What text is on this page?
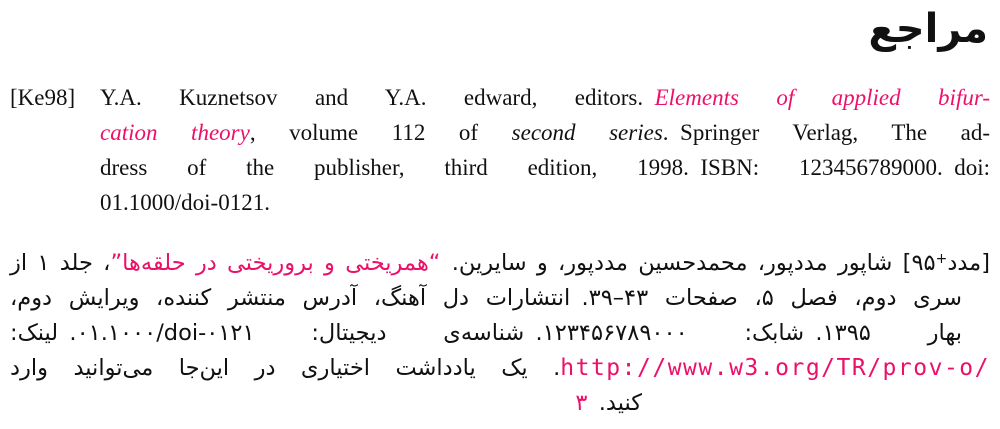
مراجع
[Ke98] Y.A. Kuznetsov and Y.A. edward, editors. Elements of applied bifur-
cation theory, volume 112 of second series. Springer Verlag, The ad-
dress of the publisher, third edition, 1998. ISBN: 123456789000. doi:
01.1000/doi-0121.
[مدد+۹۵] شاپور مددپور، محمدحسین مددپور، و سایرین. “همریختی و بروریختی در حلقه‌ها”، جلد ۱ از
سری دوم، فصل ۵، صفحات ۳۹–۴۳. انتشارات دل آهنگ، آدرس منتشر کننده، ویرایش دوم،
بهار ۱۳۹۵. شابک: ۱۲۳۴۵۶۷۸۹۰۰۰. شناسه‌ی دیجیتال: ۰۱.۱۰۰۰/doi-۰۱۲۱. لینک:
http://www.w3.org/TR/prov-o/. یک یادداشت اختیاری در این‌جا می‌توانید وارد
کنید. ۳
